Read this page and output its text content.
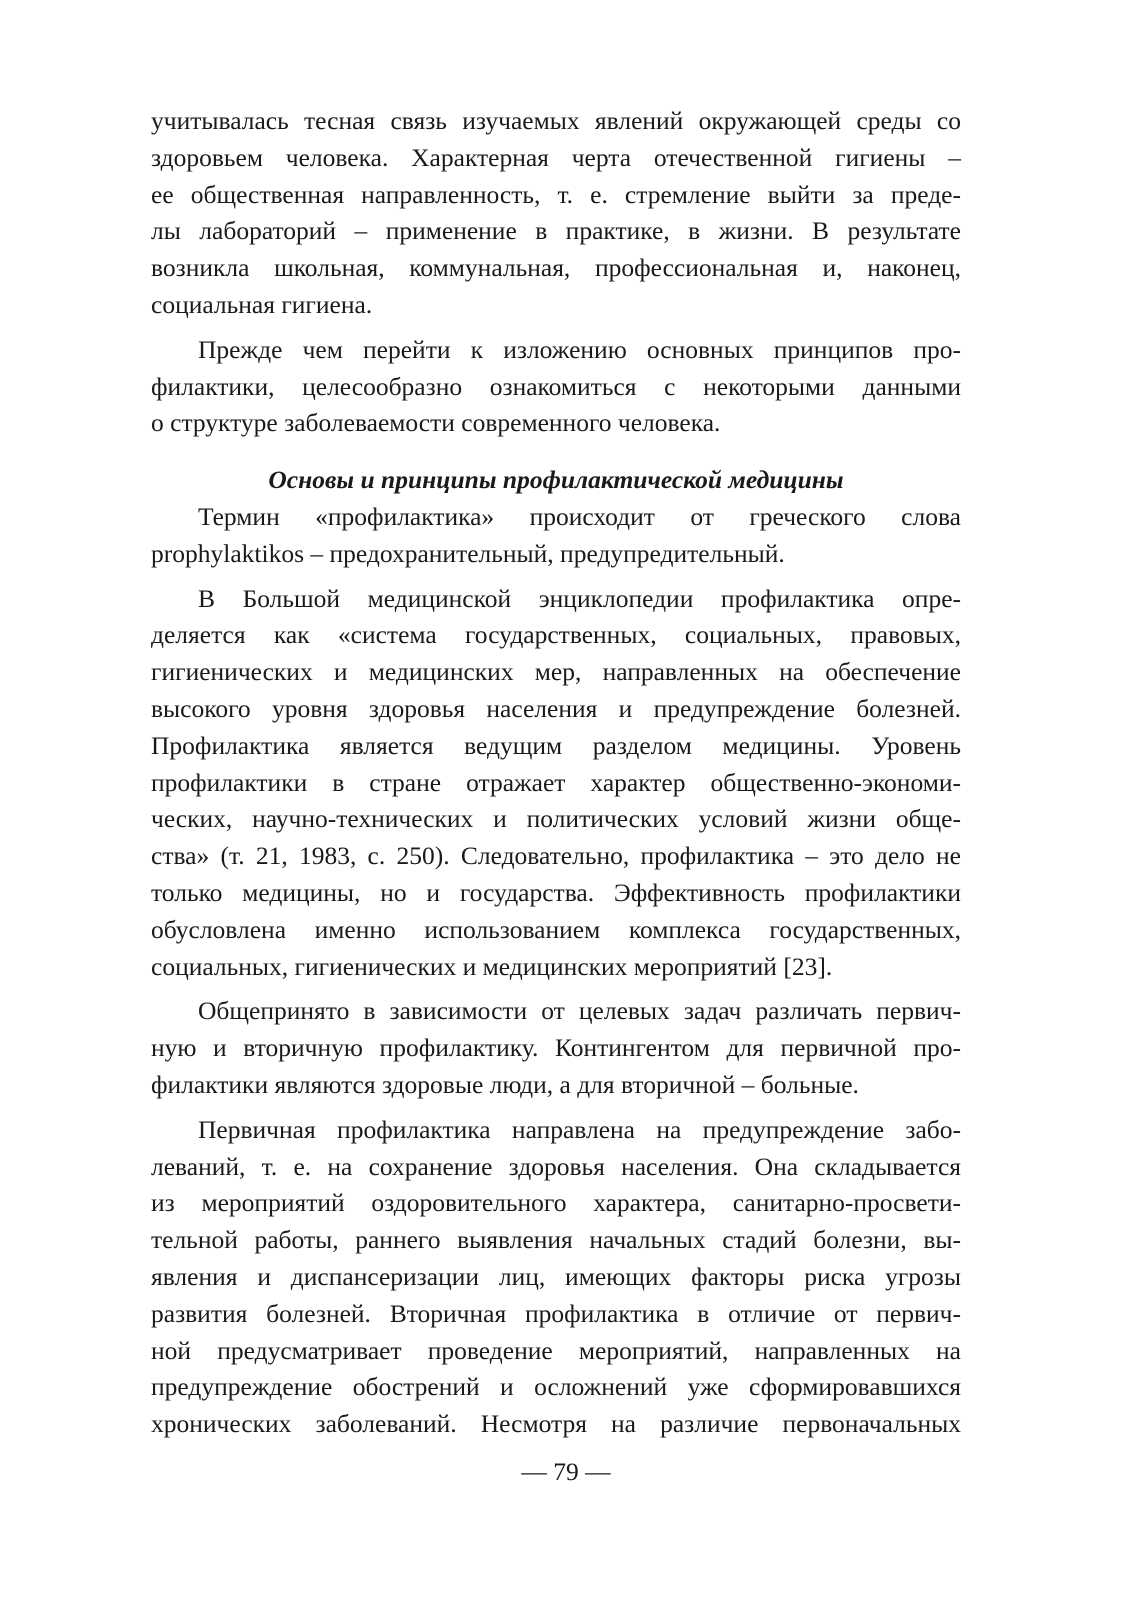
учитывалась тесная связь изучаемых явлений окружающей среды со
здоровьем человека. Характерная черта отечественной гигиены –
ее общественная направленность, т. е. стремление выйти за преде-
лы лабораторий – применение в практике, в жизни. В результате
возникла школьная, коммунальная, профессиональная и, наконец,
социальная гигиена.

Прежде чем перейти к изложению основных принципов про-
филактики, целесообразно ознакомиться с некоторыми данными
о структуре заболеваемости современного человека.

Основы и принципы профилактической медицины

Термин «профилактика» происходит от греческого слова
prophylaktikos – предохранительный, предупредительный.

В Большой медицинской энциклопедии профилактика опре-
деляется как «система государственных, социальных, правовых,
гигиенических и медицинских мер, направленных на обеспечение
высокого уровня здоровья населения и предупреждение болезней.
Профилактика является ведущим разделом медицины. Уровень
профилактики в стране отражает характер общественно-экономи-
ческих, научно-технических и политических условий жизни обще-
ства» (т. 21, 1983, с. 250). Следовательно, профилактика – это дело не
только медицины, но и государства. Эффективность профилактики
обусловлена именно использованием комплекса государственных,
социальных, гигиенических и медицинских мероприятий [23].

Общепринято в зависимости от целевых задач различать первич-
ную и вторичную профилактику. Контингентом для первичной про-
филактики являются здоровые люди, а для вторичной – больные.

Первичная профилактика направлена на предупреждение забо-
леваний, т. е. на сохранение здоровья населения. Она складывается
из мероприятий оздоровительного характера, санитарно-просвети-
тельной работы, раннего выявления начальных стадий болезни, вы-
явления и диспансеризации лиц, имеющих факторы риска угрозы
развития болезней. Вторичная профилактика в отличие от первич-
ной предусматривает проведение мероприятий, направленных на
предупреждение обострений и осложнений уже сформировавшихся
хронических заболеваний. Несмотря на различие первоначальных

— 79 —
